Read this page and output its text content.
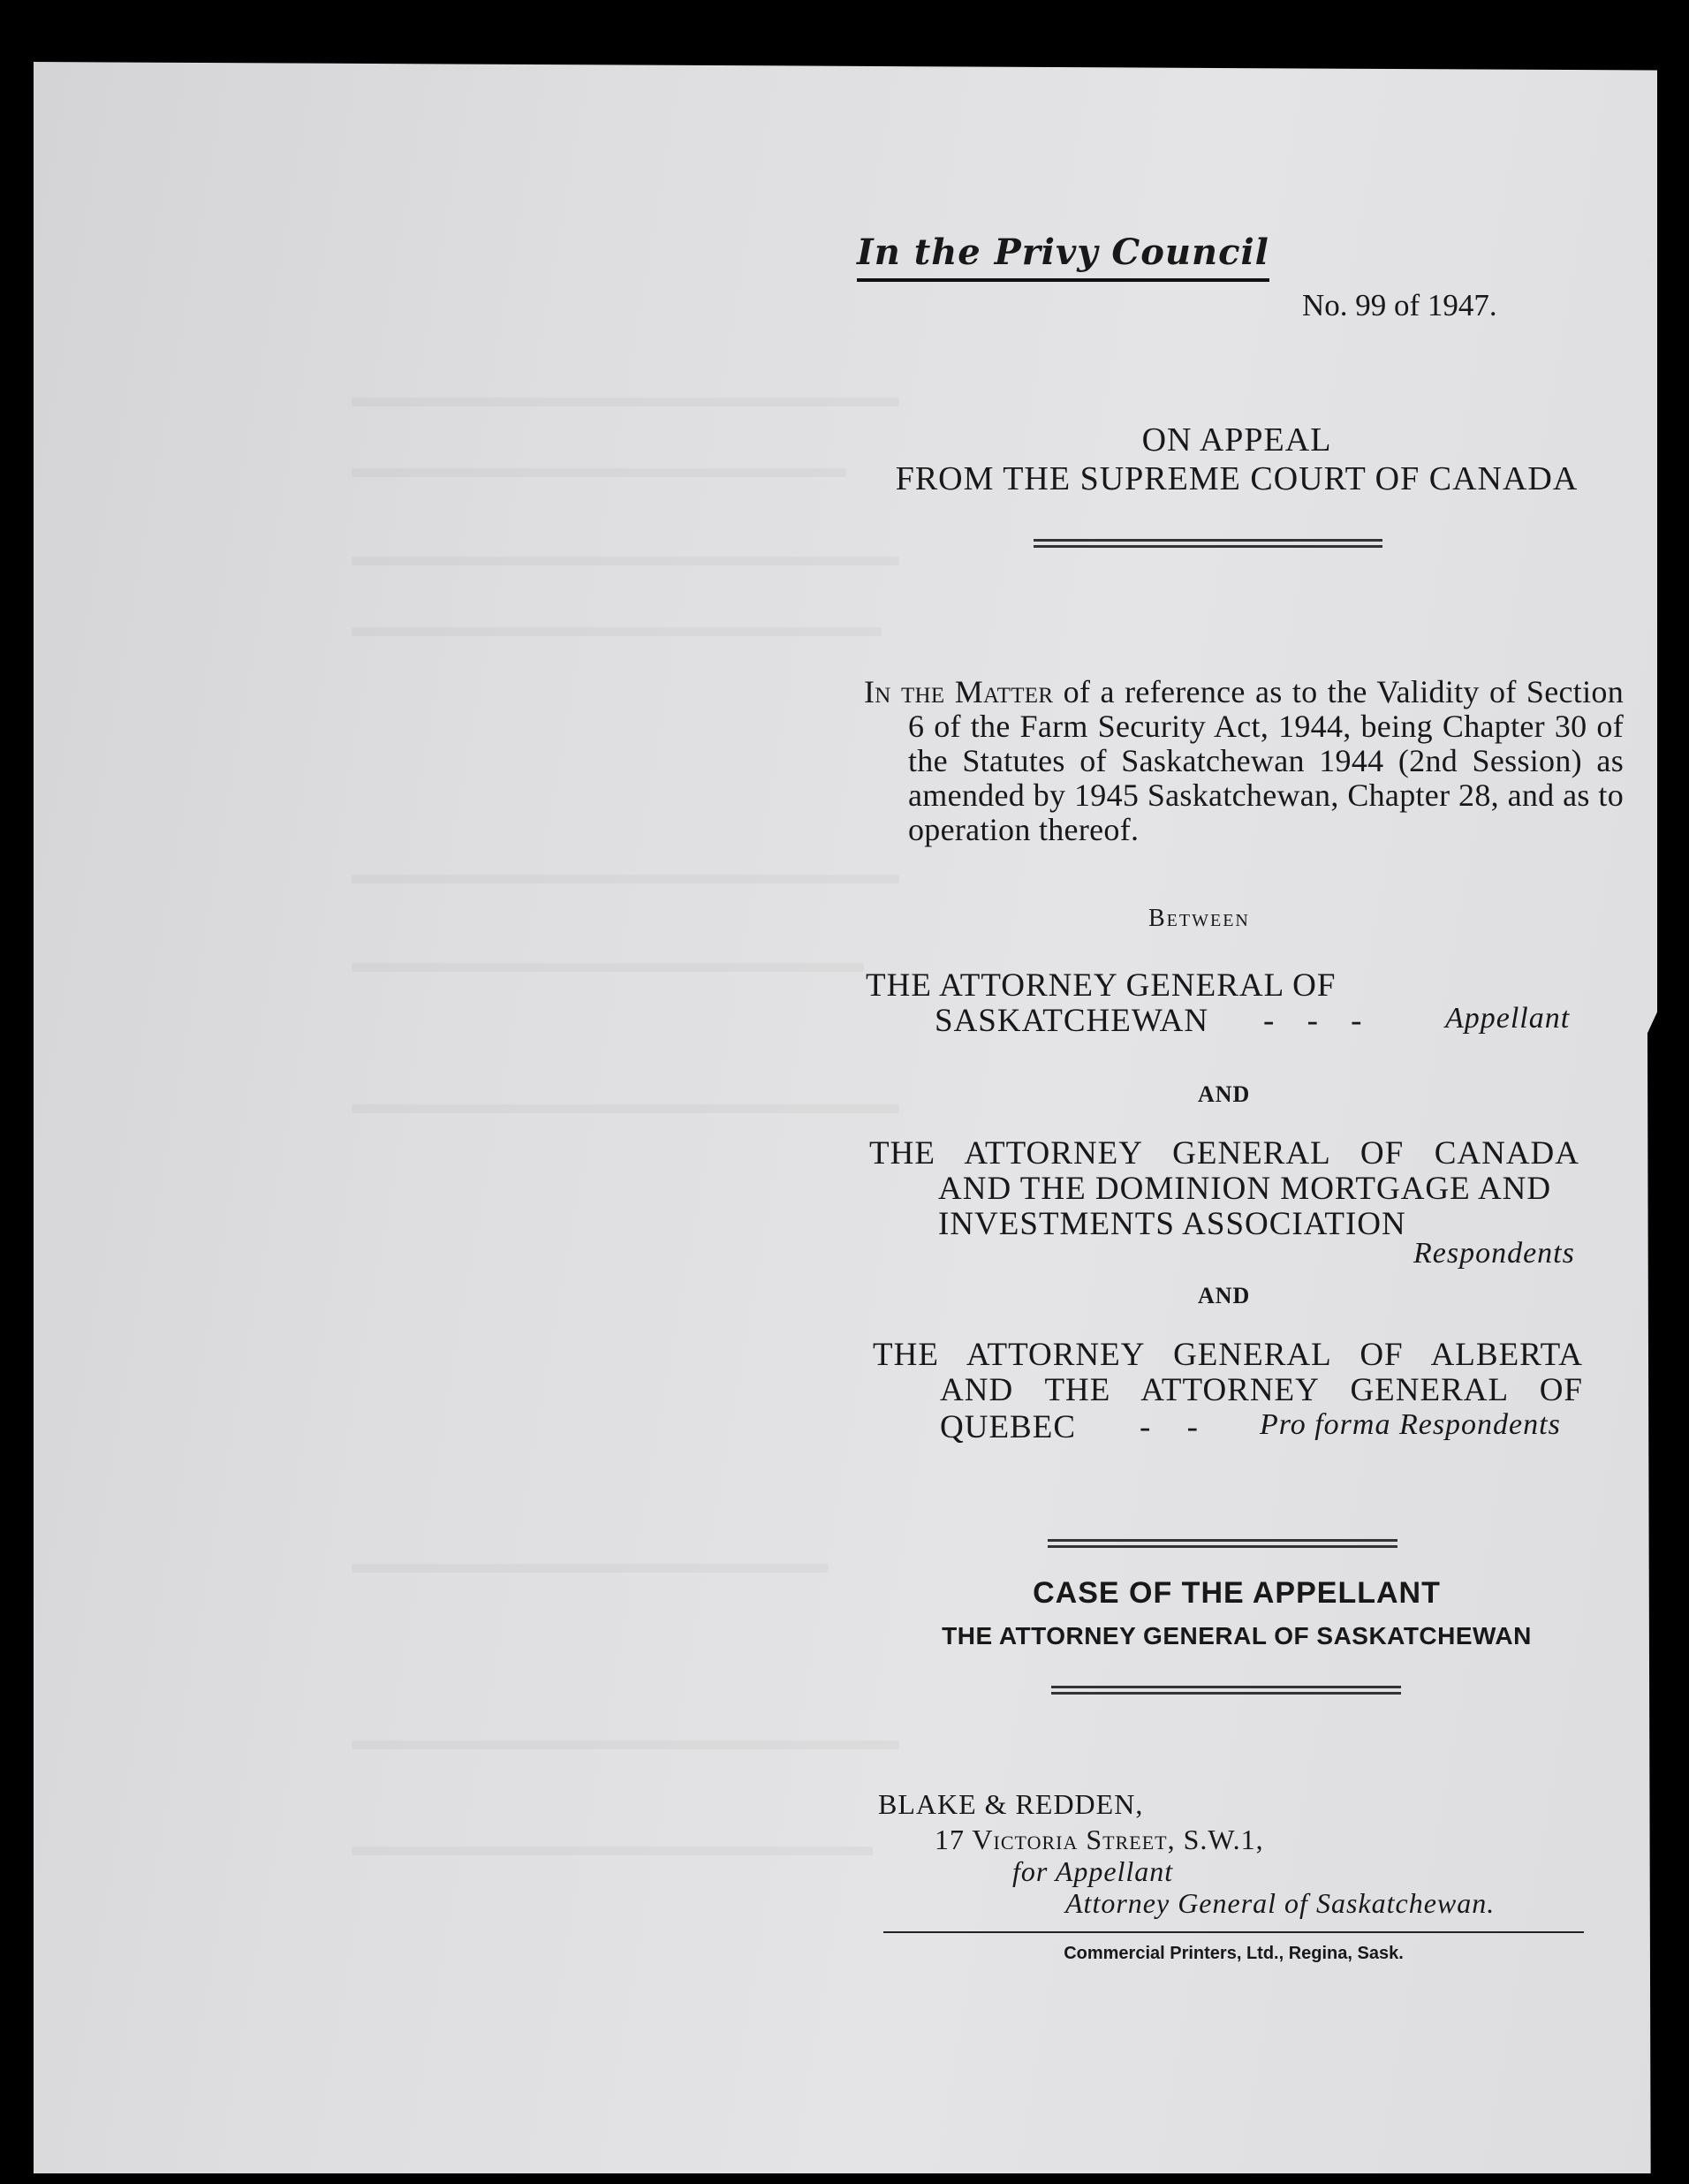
In the Privy Council
No. 99 of 1947.
⌐
ON APPEAL
FROM THE SUPREME COURT OF CANADA
In the Matter of a reference as to the Validity of Section 6 of the Farm Security Act, 1944, being Chapter 30 of the Statutes of Saskatchewan 1944 (2nd Session) as amended by 1945 Saskatchewan, Chapter 28, and as to operation thereof.
Between
THE ATTORNEY GENERAL OF
SASKATCHEWAN - - - Appellant
AND
THE ATTORNEY GENERAL OF CANADA
AND THE DOMINION MORTGAGE AND
INVESTMENTS ASSOCIATION
Respondents
AND
THE ATTORNEY GENERAL OF ALBERTA
AND THE ATTORNEY GENERAL OF
QUEBEC - - Pro forma Respondents
CASE OF THE APPELLANT
THE ATTORNEY GENERAL OF SASKATCHEWAN
BLAKE & REDDEN,
17 Victoria Street, S.W.1,
for Appellant
Attorney General of Saskatchewan.
Commercial Printers, Ltd., Regina, Sask.
